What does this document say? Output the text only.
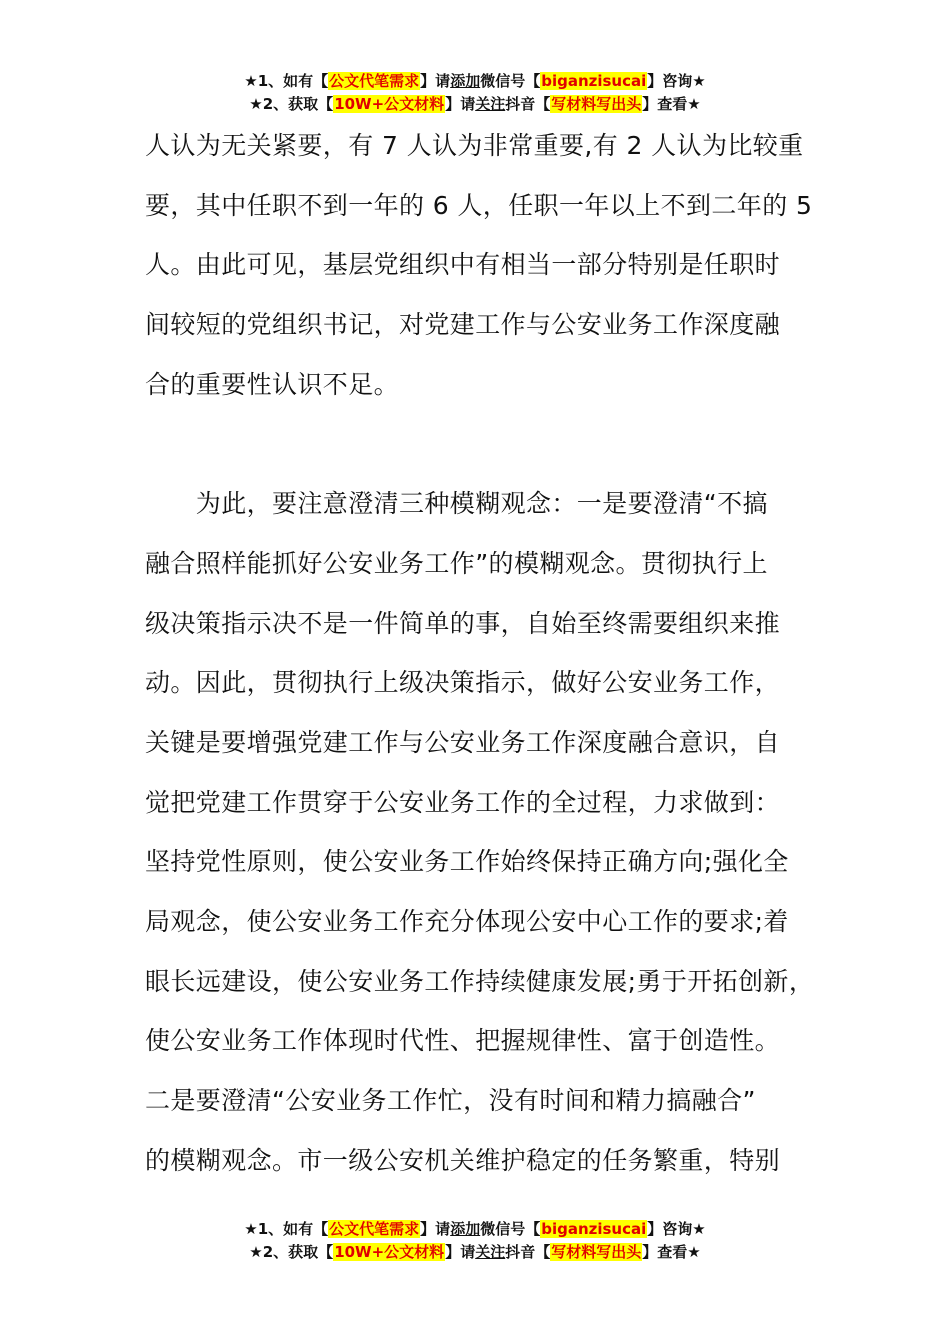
★1、如有【公文代笔需求】请添加微信号【biganzisucai】咨询★
★2、获取【10W+公文材料】请关注抖音【写材料写出头】查看★
人认为无关紧要，有 7 人认为非常重要,有 2 人认为比较重
要，其中任职不到一年的 6 人，任职一年以上不到二年的 5
人。由此可见，基层党组织中有相当一部分特别是任职时
间较短的党组织书记，对党建工作与公安业务工作深度融
合的重要性认识不足。
　　为此，要注意澄清三种模糊观念：一是要澄清“不搞
融合照样能抓好公安业务工作”的模糊观念。贯彻执行上
级决策指示决不是一件简单的事，自始至终需要组织来推
动。因此，贯彻执行上级决策指示，做好公安业务工作，
关键是要增强党建工作与公安业务工作深度融合意识，自
觉把党建工作贯穿于公安业务工作的全过程，力求做到：
坚持党性原则，使公安业务工作始终保持正确方向;强化全
局观念，使公安业务工作充分体现公安中心工作的要求;着
眼长远建设，使公安业务工作持续健康发展;勇于开拓创新，
使公安业务工作体现时代性、把握规律性、富于创造性。
二是要澄清“公安业务工作忙，没有时间和精力搞融合”
的模糊观念。市一级公安机关维护稳定的任务繁重，特别
★1、如有【公文代笔需求】请添加微信号【biganzisucai】咨询★
★2、获取【10W+公文材料】请关注抖音【写材料写出头】查看★
